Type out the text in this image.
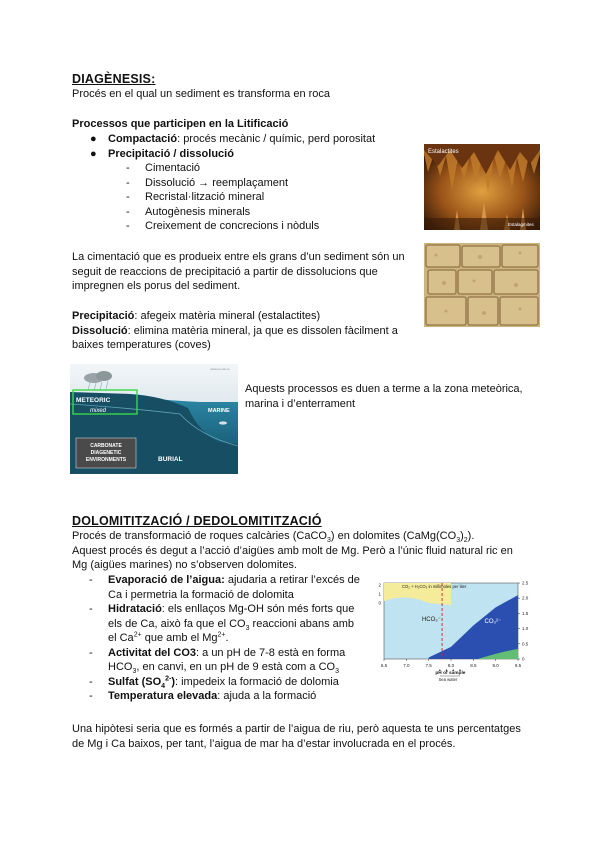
DIAGÈNESIS:
Procés en el qual un sediment es transforma en roca
Processos que participen en la Litificació
● Compactació: procés mecànic / químic, perd porositat
● Precipitació / dissolució
- Cimentació
- Dissolució → reemplaçament
- Recristal·lització mineral
- Autogènesis minerals
- Creixement de concrecions i nòduls
Estalactites
Estalagmites
La cimentació que es produeix entre els grans d’un sediment són un
seguit de reaccions de precipitació a partir de dissolucions que
impregnen els porus del sediment.
Precipitació: afegeix matèria mineral (estalactites)
Dissolució: elimina matèria mineral, ja que es dissolen fàcilment a
baixes temperatures (coves)
METEORIC
mixed	MARINE
BURIAL
CARBONATE
DIAGENETIC
ENVIRONMENTS
www.ux.uis.no
Aquests processos es duen a terme a la zona meteòrica,
marina i d’enterrament
DOLOMITITZACIÓ / DEDOLOMITITZACIÓ
Procés de transformació de roques calcàries (CaCO$_3$) en dolomites $(CaMg(CO_3)_2)$.
Aquest procés és degut a l’acció d’aigües amb molt de Mg. Però a l’únic fluid natural ric en
Mg (aigües marines) no s’observen dolomites.
- Evaporació de l’aigua: ajudaria a retirar l’excés de
Ca i permetria la formació de dolomita
- Hidratació: els enllaços Mg-OH són més forts que
els de Ca, això fa que el $CO_3$ reaccioni abans amb
el $Ca^{2+}$ que amb el $Mg^{2+}$.
- Activitat del CO3: a un pH de 7-8 està en forma
$HCO_3$, en canvi, en un pH de 9 està com a $CO_3$
- Sulfat $(SO_4^{2-})$: impedeix la formació de dolomia
- Temperatura elevada: ajuda a la formació
HCO₃⁻	CO₃²⁻
CO₂ + H₂CO₃ in millimoles per liter
6.5	7.0	7.5	8.0	8.5	9.0	9.5
2.5
2.0
1.5
1.0
0.5
0
2
1
0
pH of sample
Sea water
Una hipòtesi seria que es formés a partir de l’aigua de riu, però aquesta te uns percentatges
de Mg i Ca baixos, per tant, l’aigua de mar ha d’estar involucrada en el procés.
